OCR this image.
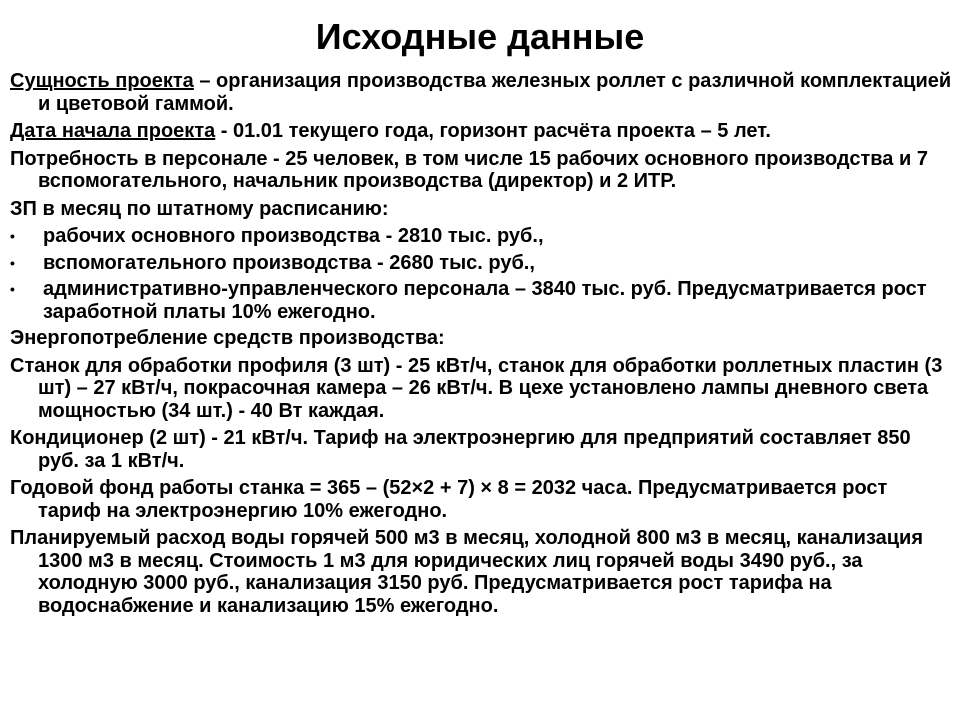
Исходные данные
Сущность проекта – организация производства железных роллет с различной комплектацией и цветовой гаммой.
Дата начала проекта - 01.01 текущего года, горизонт расчёта проекта – 5 лет.
Потребность в персонале - 25 человек, в том числе 15 рабочих основного производства и 7 вспомогательного, начальник производства (директор) и 2 ИТР.
ЗП в месяц по штатному расписанию:
• рабочих основного производства - 2810 тыс. руб.,
• вспомогательного производства - 2680 тыс. руб.,
• административно-управленческого персонала – 3840 тыс. руб. Предусматривается рост заработной платы 10% ежегодно.
Энергопотребление средств производства:
Станок для обработки профиля (3 шт) - 25 кВт/ч, станок для обработки роллетных пластин (3 шт) – 27 кВт/ч, покрасочная камера – 26 кВт/ч. В цехе установлено лампы дневного света мощностью (34 шт.) - 40 Вт каждая.
Кондиционер (2 шт) - 21 кВт/ч. Тариф на электроэнергию для предприятий составляет 850 руб. за 1 кВт/ч.
Годовой фонд работы станка = 365 – (52×2 + 7) × 8 = 2032 часа. Предусматривается рост тариф на электроэнергию 10% ежегодно.
Планируемый расход воды горячей 500 м3 в месяц, холодной 800 м3 в месяц, канализация 1300 м3 в месяц. Стоимость 1 м3 для юридических лиц горячей воды 3490 руб., за холодную 3000 руб., канализация 3150 руб. Предусматривается рост тарифа на водоснабжение и канализацию 15% ежегодно.
